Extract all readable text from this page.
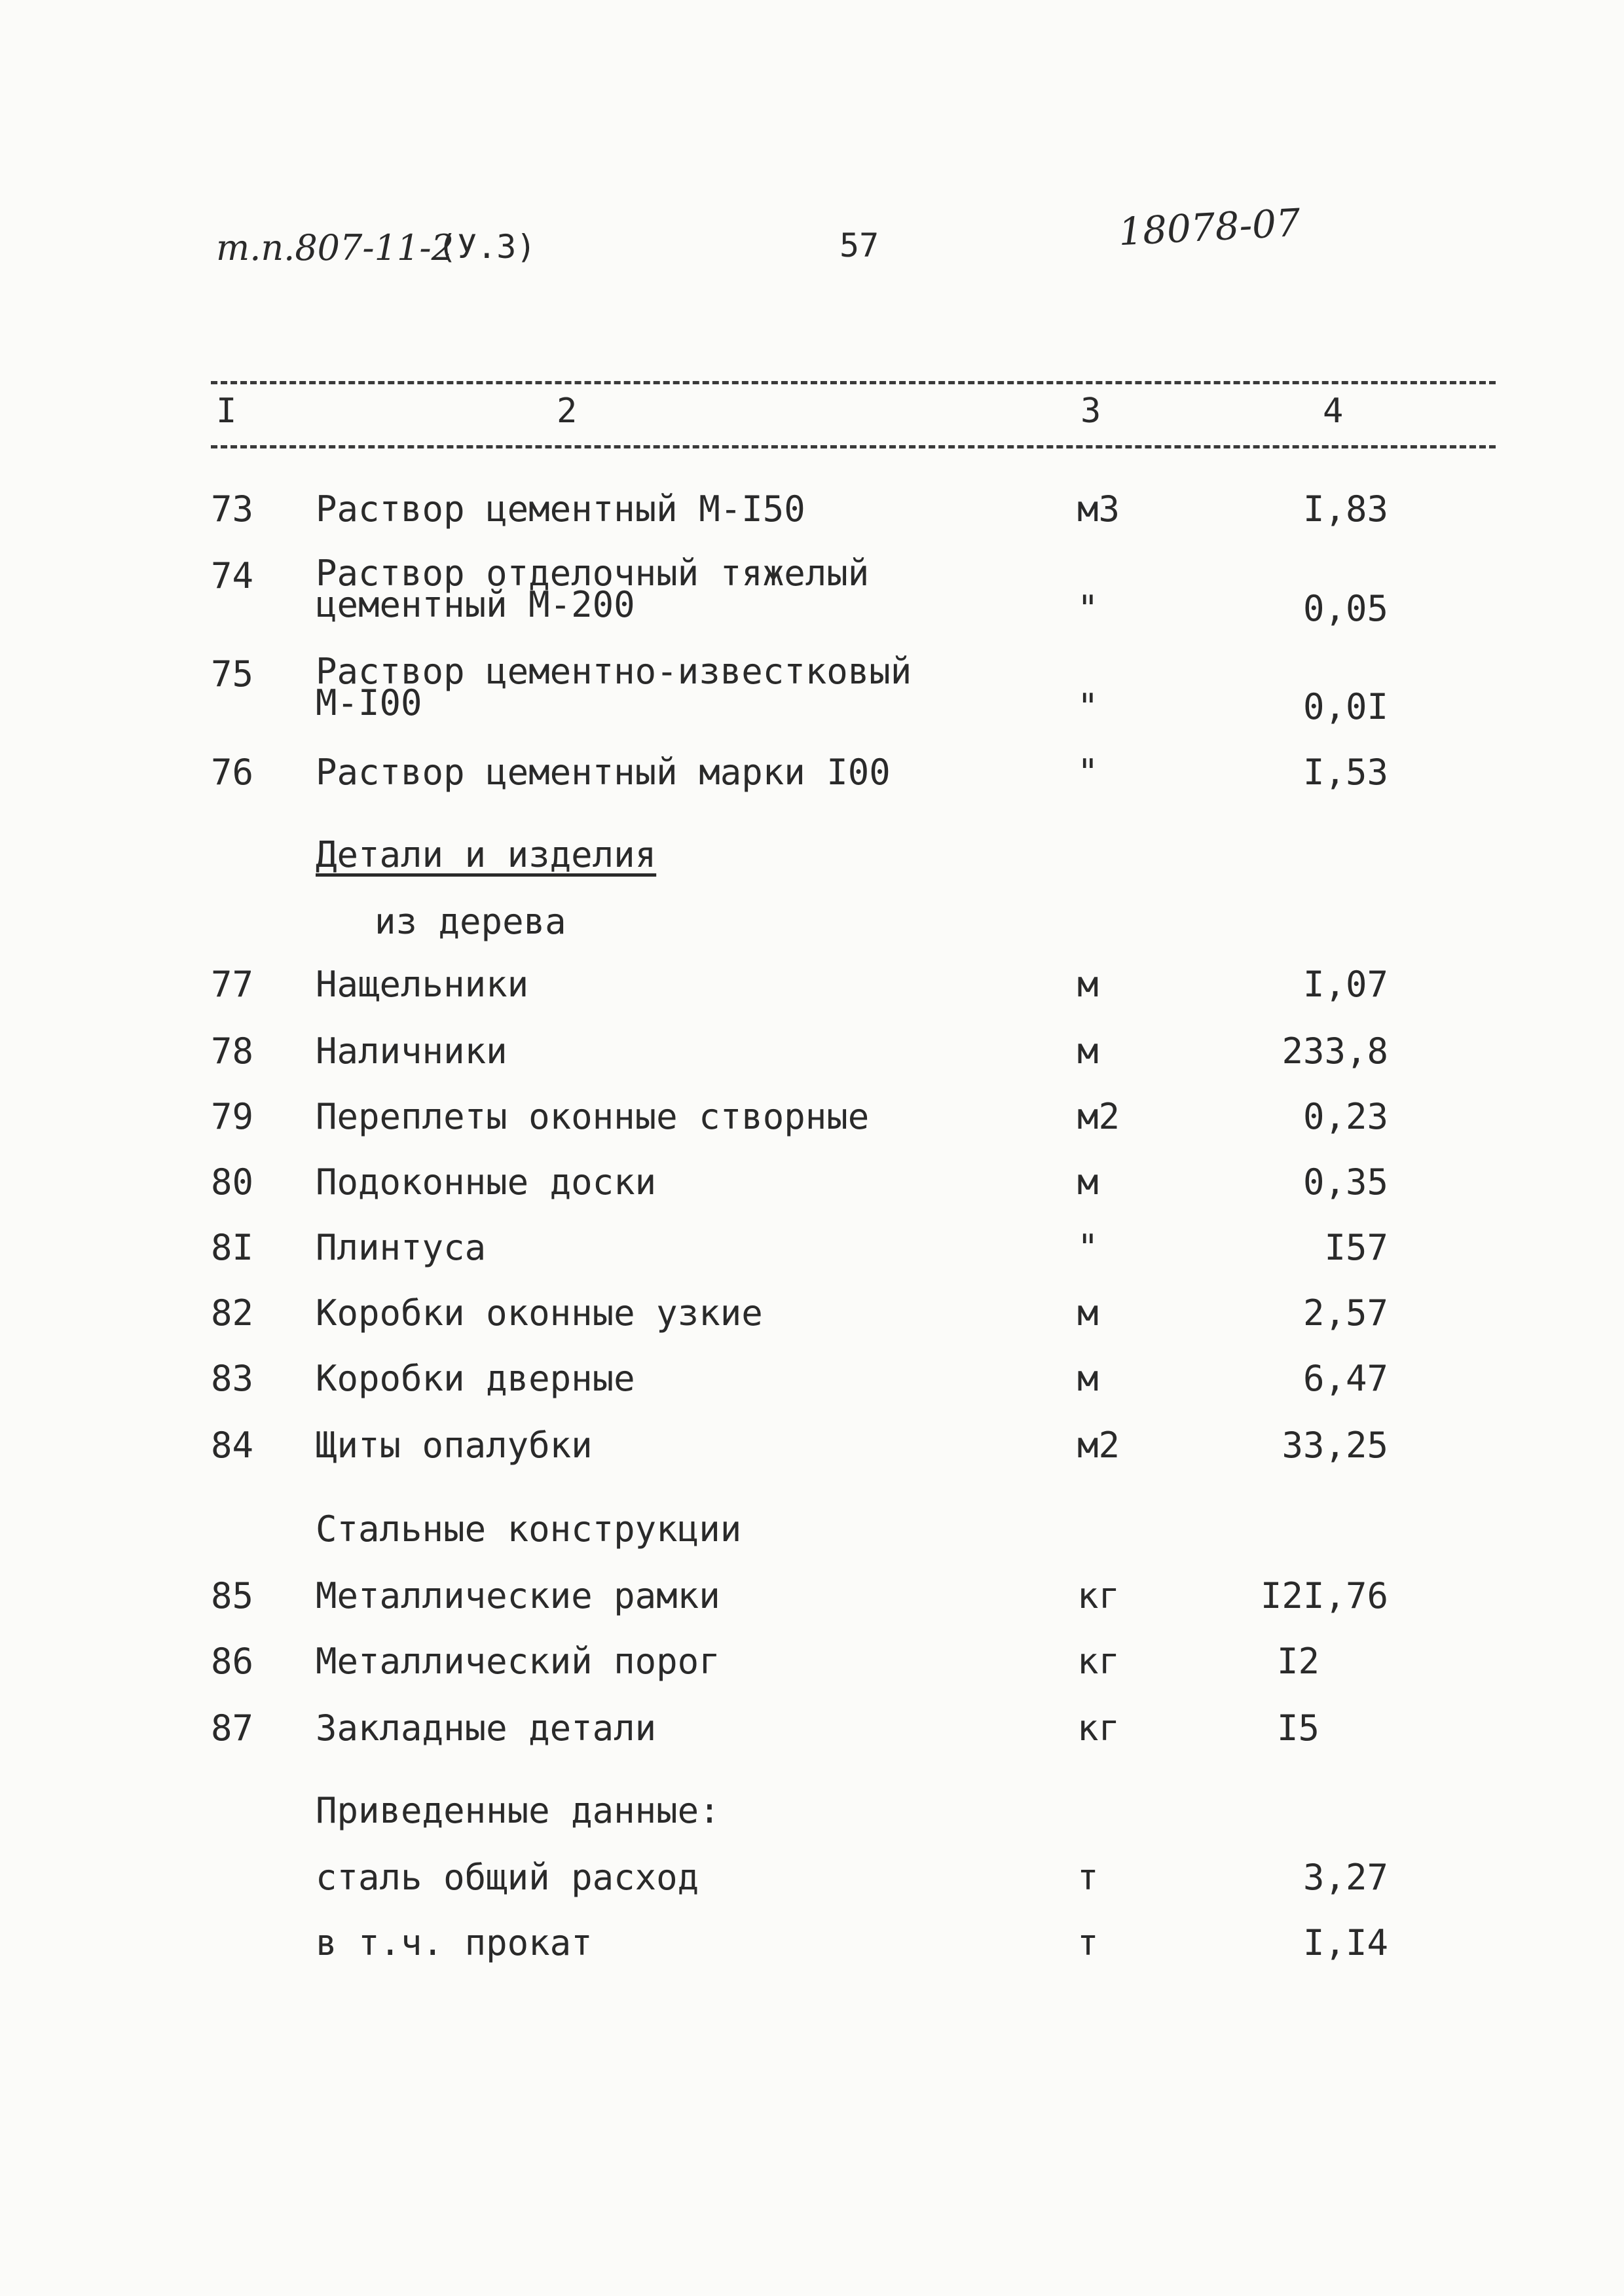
т.п.807-11-2
(У.3)	57	18078-07
I	2	3	4
73 Раствор цементный М-I50	м3	I,83
74 Раствор отделочный тяжелый
цементный М-200	"	0,05
75 Раствор цементно-известковый
М-I00	"	0,0I
76 Раствор цементный марки I00	"	I,53
Детали и изделия
из дерева
77 Нащельники	м	I,07
78 Наличники	м	233,8
79 Переплеты оконные створные	м2	0,23
80 Подоконные доски	м	0,35
8I Плинтуса	"	I57
82 Коробки оконные узкие	м	2,57
83 Коробки дверные	м	6,47
84 Щиты опалубки	м2	33,25
Стальные конструкции
85 Металлические рамки	кг	I2I,76
86 Металлический порог	кг	I2
87 Закладные детали	кг	I5
Приведенные данные:
сталь общий расход	т	3,27
в т.ч. прокат	т	I,I4
